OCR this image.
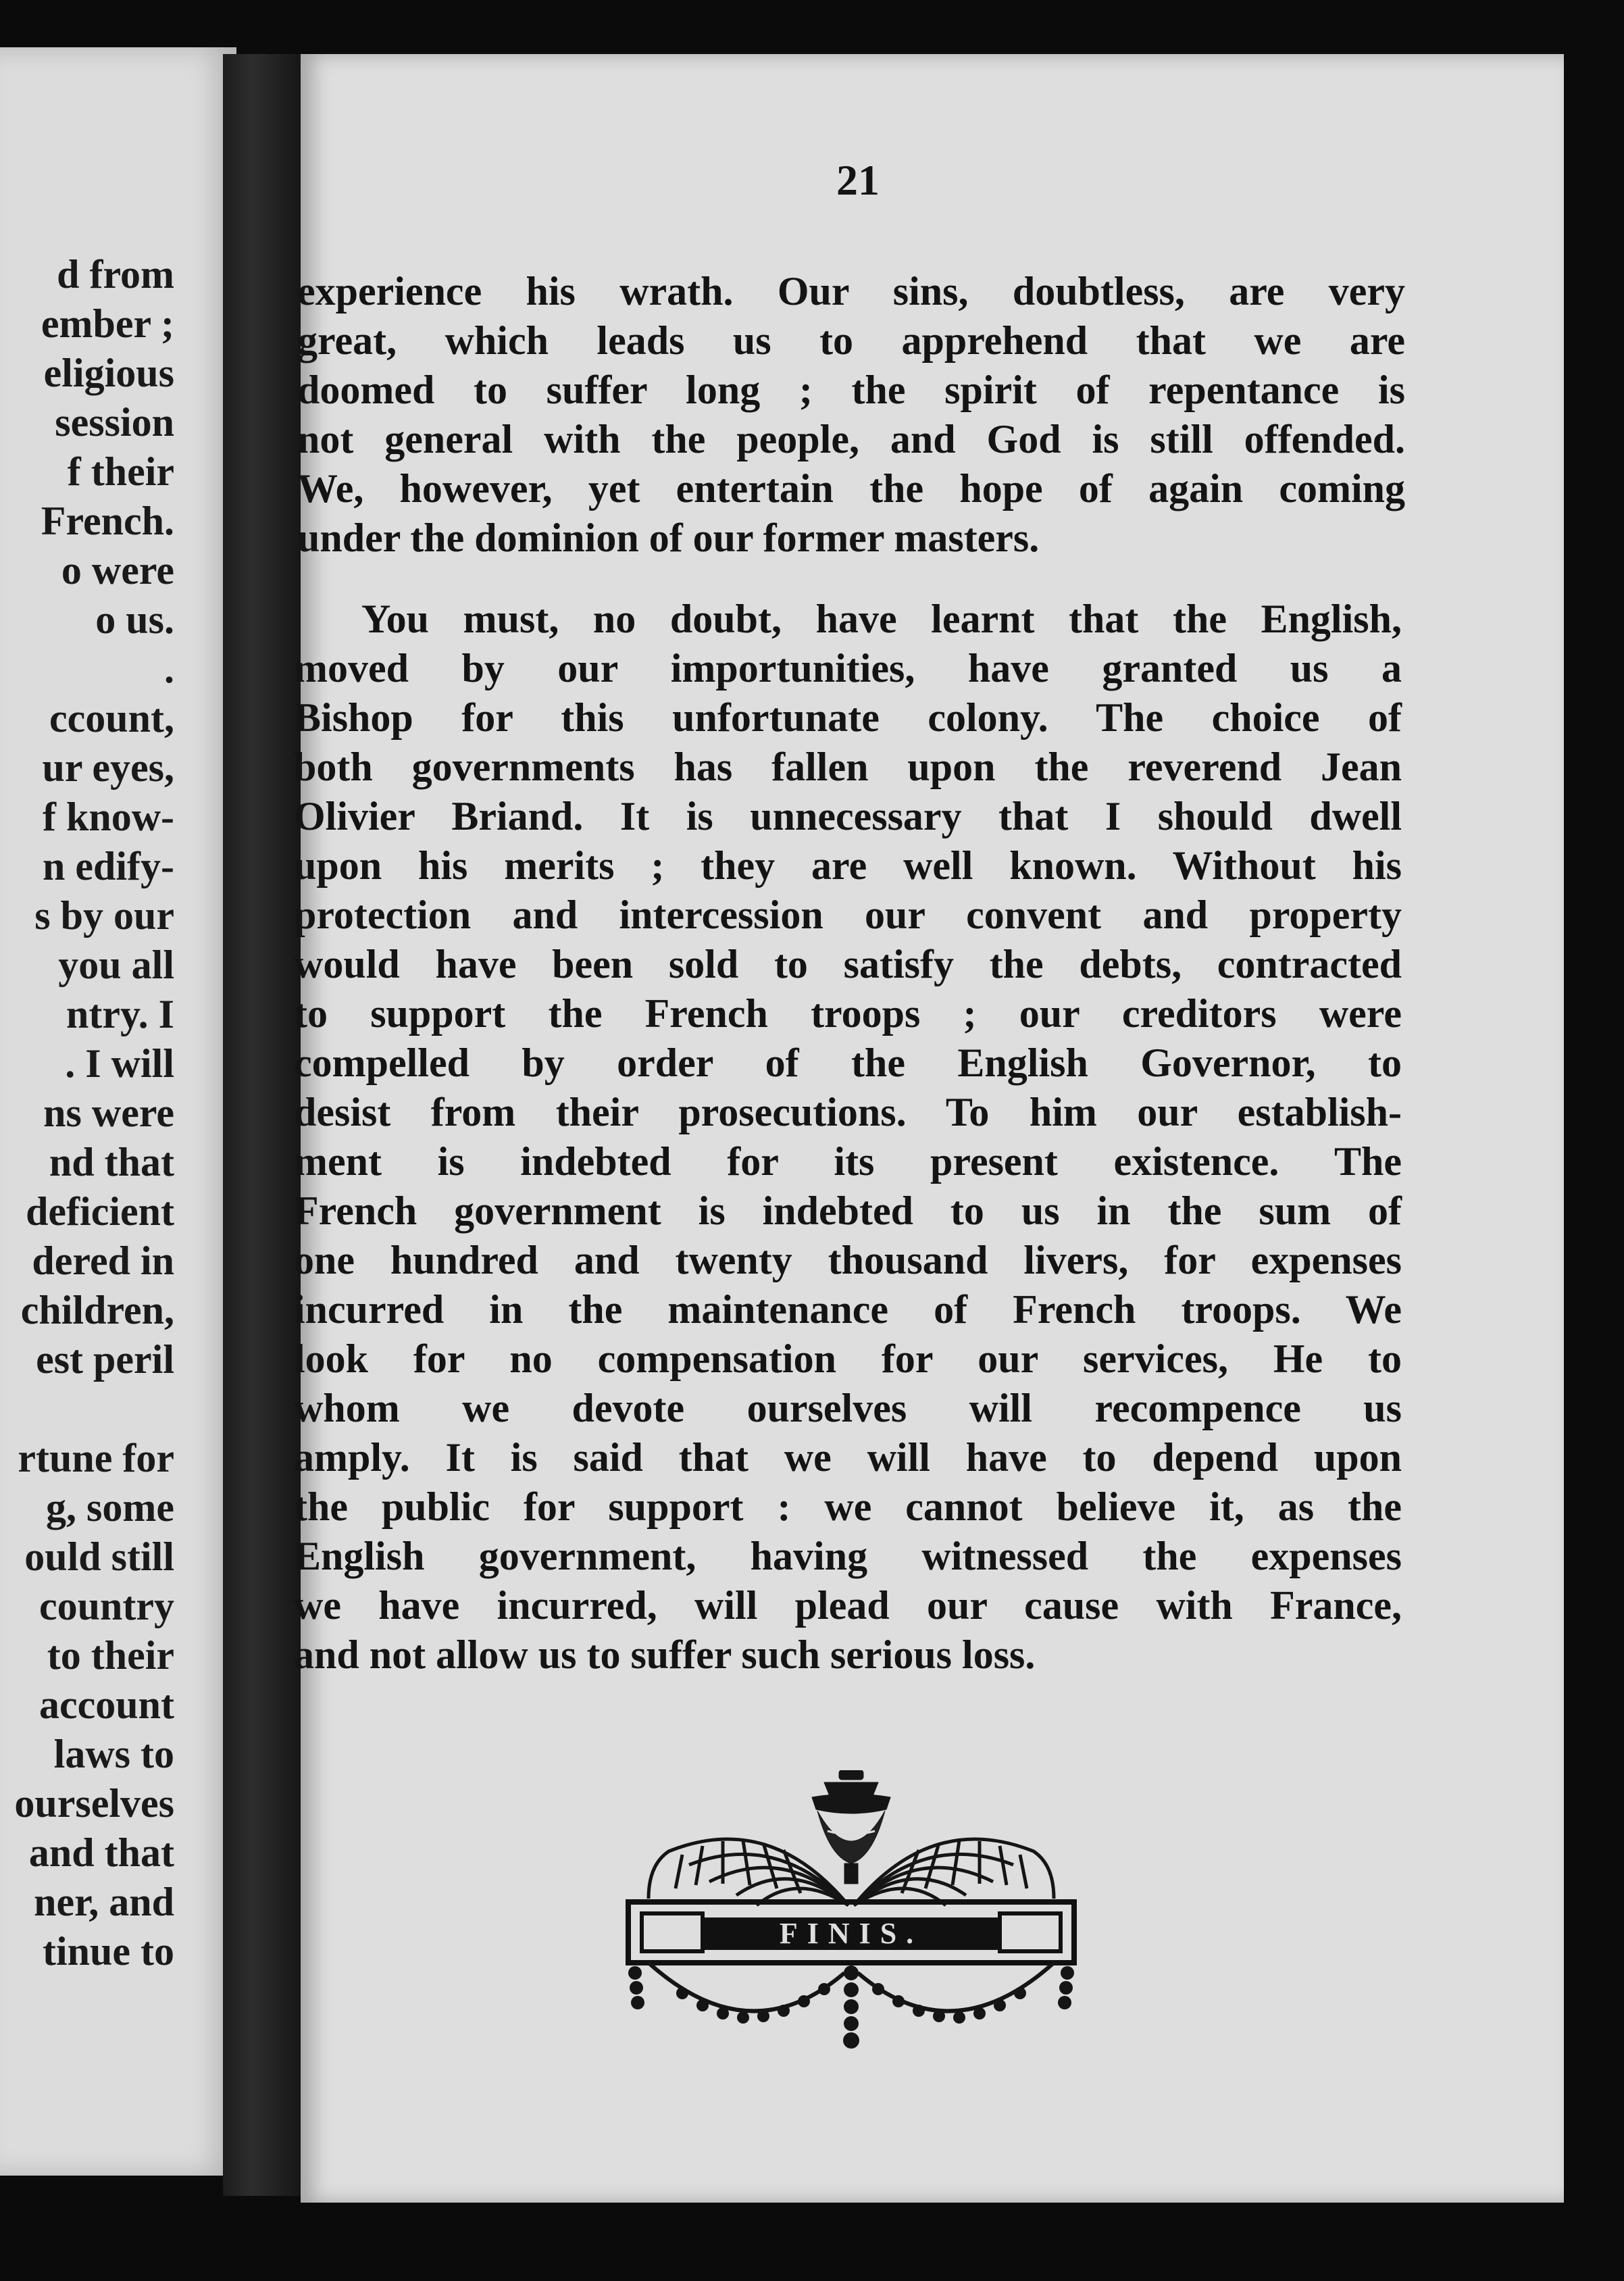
d from
ember ;
eligious
session
f their
French.
o were
o us.
.
ccount,
ur eyes,
f know-
n edify-
s by our
you all
ntry. I
. I will
ns were
nd that
deficient
dered in
children,
est peril
rtune for
g, some
ould still
country
to their
account
laws to
ourselves
and that
ner, and
tinue to
21
experience his wrath. Our sins, doubtless, are very
great, which leads us to apprehend that we are
doomed to suffer long ; the spirit of repentance is
not general with the people, and God is still offended.
We, however, yet entertain the hope of again coming
under the dominion of our former masters.
You must, no doubt, have learnt that the English,
moved by our importunities, have granted us a
Bishop for this unfortunate colony. The choice of
both governments has fallen upon the reverend Jean
Olivier Briand. It is unnecessary that I should dwell
upon his merits ; they are well known. Without his
protection and intercession our convent and property
would have been sold to satisfy the debts, contracted
to support the French troops ; our creditors were
compelled by order of the English Governor, to
desist from their prosecutions. To him our establish-
ment is indebted for its present existence. The
French government is indebted to us in the sum of
one hundred and twenty thousand livers, for expenses
incurred in the maintenance of French troops. We
look for no compensation for our services, He to
whom we devote ourselves will recompence us
amply. It is said that we will have to depend upon
the public for support : we cannot believe it, as the
English government, having witnessed the expenses
we have incurred, will plead our cause with France,
and not allow us to suffer such serious loss.
FINIS.
